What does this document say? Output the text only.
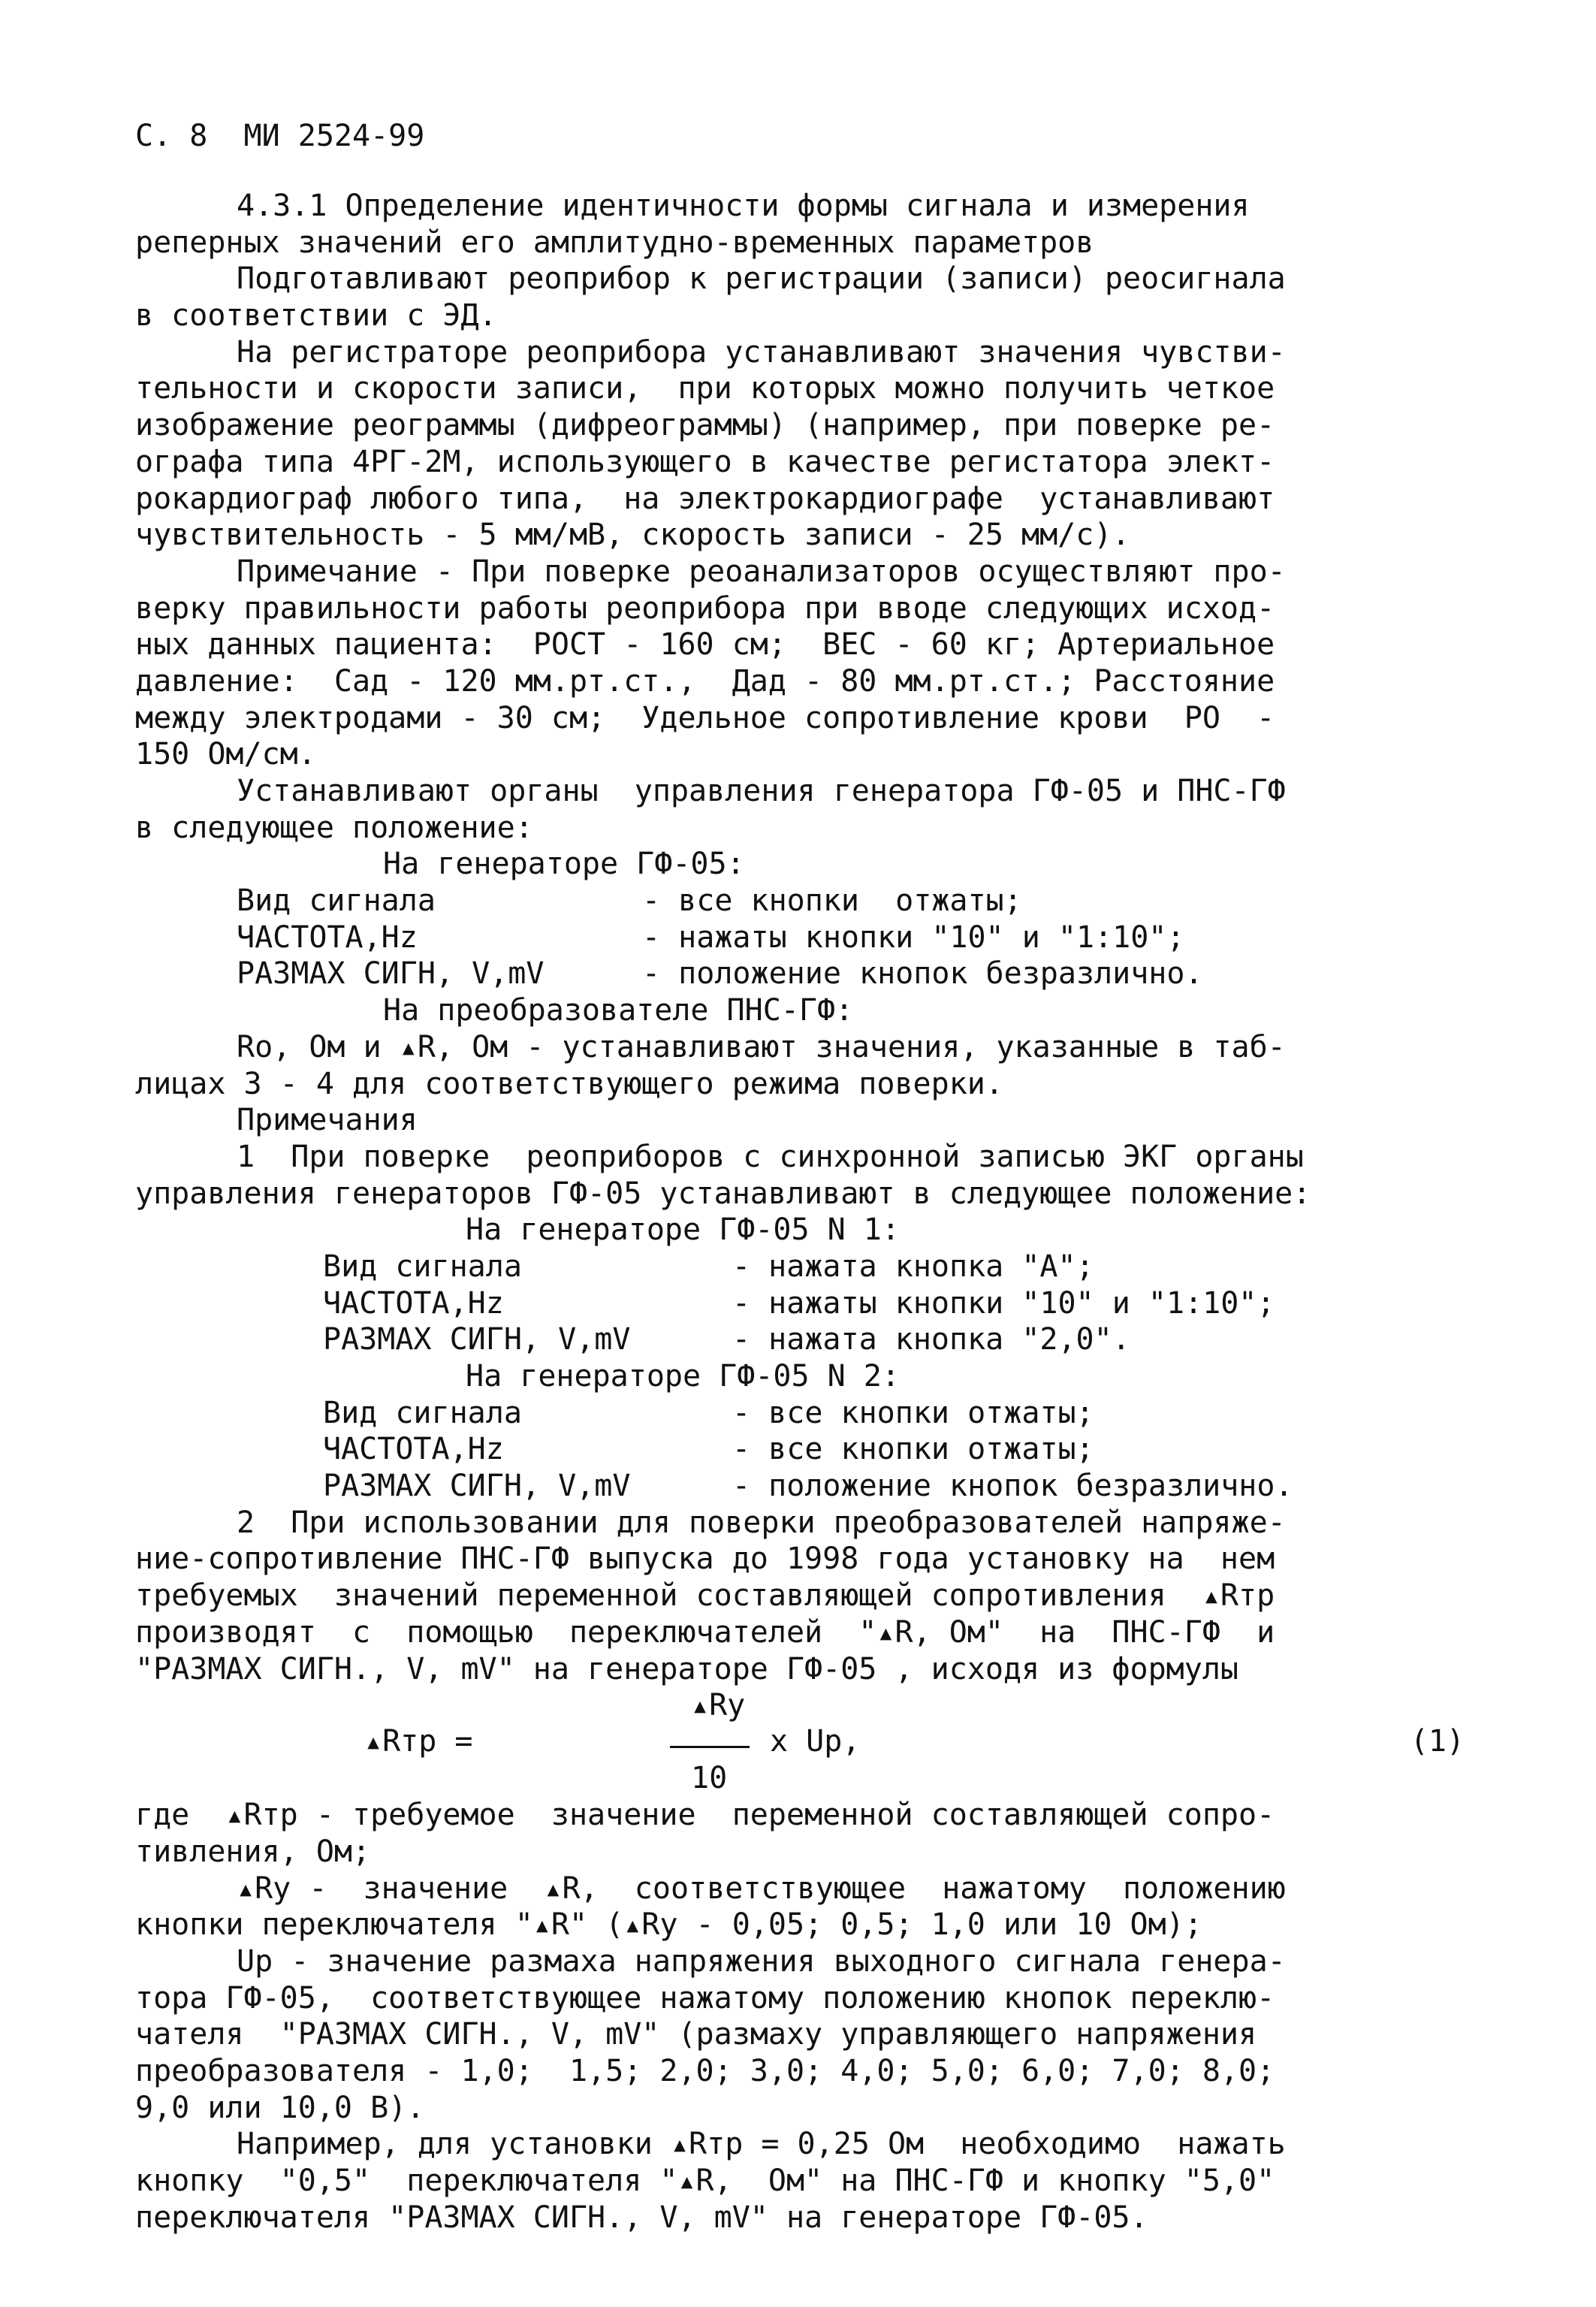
С. 8  МИ 2524-99
4.3.1 Определение идентичности формы сигнала и измерения
реперных значений его амплитудно-временных параметров
Подготавливают реоприбор к регистрации (записи) реосигнала
в соответствии с ЭД.
На регистраторе реоприбора устанавливают значения чувстви-
тельности и скорости записи,  при которых можно получить четкое
изображение реограммы (дифреограммы) (например, при поверке ре-
ографа типа 4РГ-2М, использующего в качестве регистатора элект-
рокардиограф любого типа,  на электрокардиографе  устанавливают
чувствительность - 5 мм/мВ, скорость записи - 25 мм/с).
Примечание - При поверке реоанализаторов осуществляют про-
верку правильности работы реоприбора при вводе следующих исход-
ных данных пациента:  РОСТ - 160 см;  ВЕС - 60 кг; Артериальное
давление:  Сад - 120 мм.рт.ст.,  Дад - 80 мм.рт.ст.; Расстояние
между электродами - 30 см;  Удельное сопротивление крови  РО  -
150 Ом/см.
Устанавливают органы  управления генератора ГФ-05 и ПНС-ГФ
в следующее положение:
На генераторе ГФ-05:
Вид сигнала	- все кнопки  отжаты;
ЧАСТОТА,Hz	- нажаты кнопки "10" и "1:10";
РАЗМАХ СИГН, V,mV	- положение кнопок безразлично.
На преобразователе ПНС-ГФ:
Ro, Ом и ▴R, Ом - устанавливают значения, указанные в таб-
лицах 3 - 4 для соответствующего режима поверки.
Примечания
1  При поверке  реоприборов с синхронной записью ЭКГ органы
управления генераторов ГФ-05 устанавливают в следующее положение:
На генераторе ГФ-05 N 1:
Вид сигнала	- нажата кнопка "А";
ЧАСТОТА,Hz	- нажаты кнопки "10" и "1:10";
РАЗМАХ СИГН, V,mV	- нажата кнопка "2,0".
На генераторе ГФ-05 N 2:
Вид сигнала	- все кнопки отжаты;
ЧАСТОТА,Hz	- все кнопки отжаты;
РАЗМАХ СИГН, V,mV	- положение кнопок безразлично.
2  При использовании для поверки преобразователей напряже-
ние-сопротивление ПНС-ГФ выпуска до 1998 года установку на  нем
требуемых  значений переменной составляющей сопротивления  ▴Rтр
производят  с  помощью  переключателей  "▴R, Ом"  на  ПНС-ГФ  и
"РАЗМАХ СИГН., V, mV" на генераторе ГФ-05 , исходя из формулы
▴Ry
▴Rтр =	x Up,
10
(1)
где  ▴Rтр - требуемое  значение  переменной составляющей сопро-
тивления, Ом;
▴Ry -  значение  ▴R,  соответствующее  нажатому  положению
кнопки переключателя "▴R" (▴Ry - 0,05; 0,5; 1,0 или 10 Ом);
Up - значение размаха напряжения выходного сигнала генера-
тора ГФ-05,  соответствующее нажатому положению кнопок переклю-
чателя  "РАЗМАХ СИГН., V, mV" (размаху управляющего напряжения
преобразователя - 1,0;  1,5; 2,0; 3,0; 4,0; 5,0; 6,0; 7,0; 8,0;
9,0 или 10,0 В).
Например, для установки ▴Rтр = 0,25 Ом  необходимо  нажать
кнопку  "0,5"  переключателя "▴R,  Ом" на ПНС-ГФ и кнопку "5,0"
переключателя "РАЗМАХ СИГН., V, mV" на генераторе ГФ-05.
